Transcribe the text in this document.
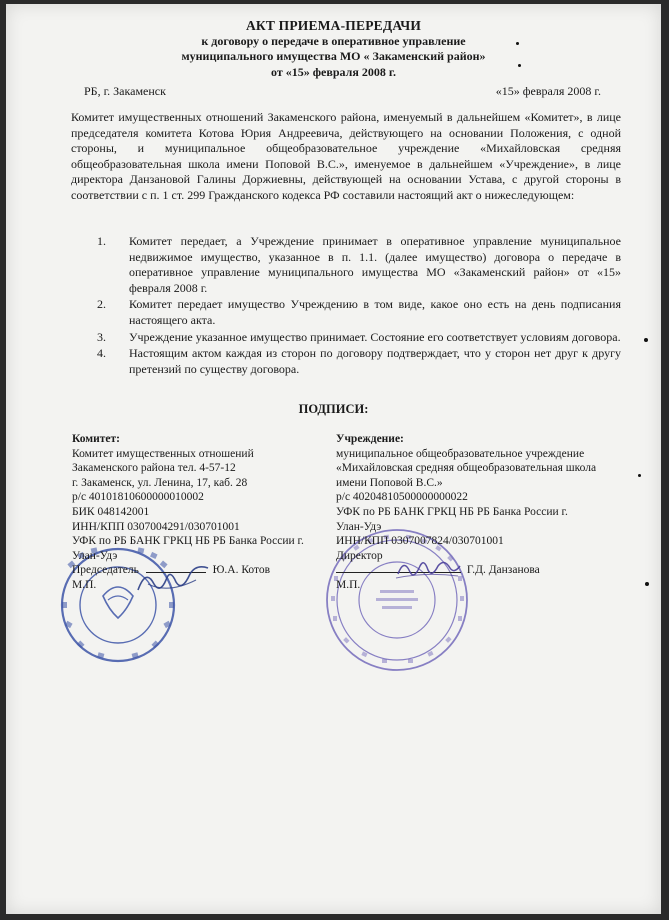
АКТ ПРИЕМА-ПЕРЕДАЧИ
к договору о передаче в оперативное управление
муниципального имущества МО « Закаменский район»
от «15» февраля 2008 г.
РБ, г. Закаменск	«15» февраля 2008 г.

Комитет имущественных отношений Закаменского района, именуемый в дальнейшем «Комитет», в лице председателя комитета Котова Юрия Андреевича, действующего на основании Положения, с одной стороны, и муниципальное общеобразовательное учреждение «Михайловская средняя общеобразовательная школа имени Поповой В.С.», именуемое в дальнейшем «Учреждение», в лице директора Данзановой Галины Доржиевны, действующей на основании Устава, с другой стороны в соответствии с п. 1 ст. 299 Гражданского кодекса РФ составили настоящий акт о нижеследующем:

1.	Комитет передает, а Учреждение принимает в оперативное управление муниципальное недвижимое имущество, указанное в п. 1.1. (далее имущество) договора о передаче в оперативное управление муниципального имущества МО «Закаменский район» от «15» февраля 2008 г.
2.	Комитет передает имущество Учреждению в том виде, какое оно есть на день подписания настоящего акта.
3.	Учреждение указанное имущество принимает. Состояние его соответствует условиям договора.
4.	Настоящим актом каждая из сторон по договору подтверждает, что у сторон нет друг к другу претензий по существу договора.
ПОДПИСИ:
Комитет:
Комитет имущественных отношений
Закаменского района тел. 4-57-12
г. Закаменск, ул. Ленина, 17, каб. 28
р/с 40101810600000010002
БИК 048142001
ИНН/КПП 0307004291/030701001
УФК по РБ БАНК ГРКЦ НБ РБ Банка России г.
Улан-Удэ
Председатель	Ю.А. Котов
М.П.
Учреждение:
муниципальное общеобразовательное учреждение
«Михайловская средняя общеобразовательная школа
имени Поповой В.С.»
р/с 40204810500000000022
УФК по РБ БАНК ГРКЦ НБ РБ Банка России г.
Улан-Удэ
ИНН/КПП 0307007824/030701001
Директор
Г.Д. Данзанова
М.П.
